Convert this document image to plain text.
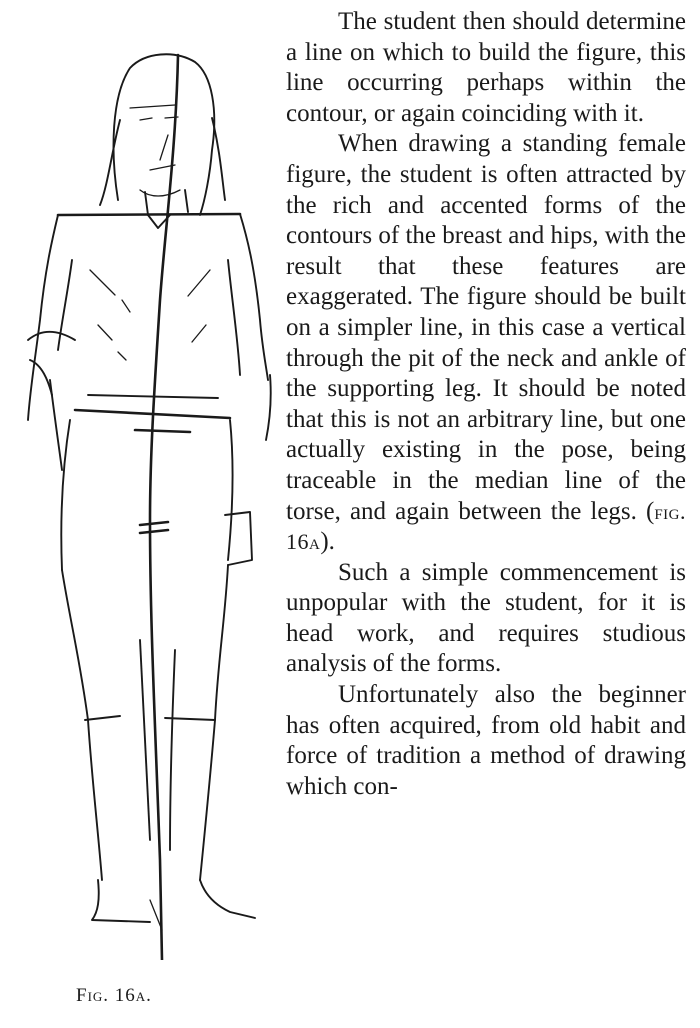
Fig. 16a.

The student then should determine a line on which to build the figure, this line occurring perhaps within the contour, or again coinciding with it.

When drawing a standing female figure, the student is often attracted by the rich and accented forms of the contours of the breast and hips, with the result that these features are exaggerated. The figure should be built on a simpler line, in this case a vertical through the pit of the neck and ankle of the supporting leg. It should be noted that this is not an arbitrary line, but one actually existing in the pose, being traceable in the median line of the torse, and again between the legs. (fig. 16a).

Such a simple commencement is unpopular with the student, for it is head work, and requires studious analysis of the forms.

Unfortunately also the beginner has often acquired, from old habit and force of tradition a method of drawing which con-
